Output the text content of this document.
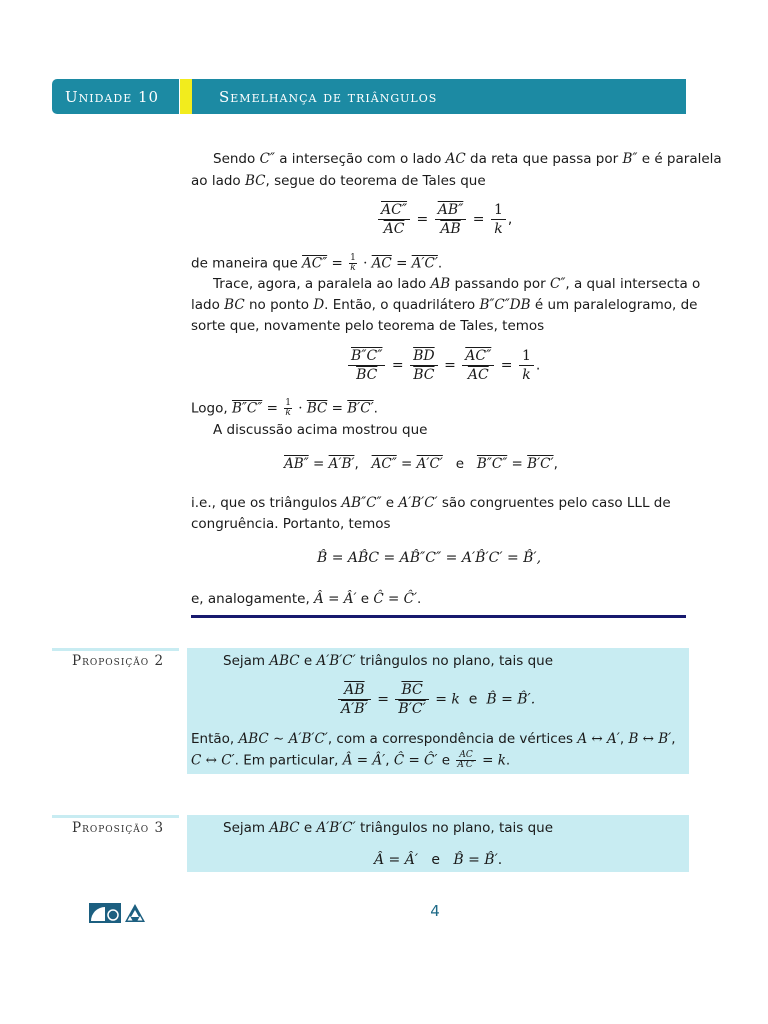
Unidade 10	Semelhança de triângulos
Sendo C″ a interseção com o lado AC da reta que passa por B″ e é paralela
ao lado BC, segue do teorema de Tales que
$\frac{AC''}{AC} = \frac{AB''}{AB} = \frac{1}{k}$ ,
de maneira que $AC'' = \frac{1}{k} \cdot \overline{AC} = A'C'$.
Trace, agora, a paralela ao lado AB passando por C″, a qual intersecta o
lado BC no ponto D. Então, o quadrilátero B″C″DB é um paralelogramo, de
sorte que, novamente pelo teorema de Tales, temos
$\frac{B''C''}{BC} = \frac{\overline{BD}}{BC} = \frac{AC''}{AC} = \frac{1}{k}$ .
Logo, $B''C'' = \frac{1}{k} \cdot \overline{BC} = B'C'$.
A discussão acima mostrou que
AB″ = A′B′,   AC″ = A′C′   e   B″C″ = B′C′,
i.e., que os triângulos AB″C″ e A′B′C′ são congruentes pelo caso LLL de
congruência. Portanto, temos
B̂ = AB̂C = AB̂″C″ = A′B̂′C′ = B̂′,
e, analogamente, Â = Â′ e Ĉ = Ĉ′.
Proposição 2	Sejam ABC e A′B′C′ triângulos no plano, tais que
$\frac{\overline{AB}}{A'B'} = \frac{\overline{BC}}{B'C'} = k$ e B̂ = B̂′.
Então, ABC ∼ A′B′C′, com a correspondência de vértices A ↔ A′, B ↔ B′,
C ↔ C′. Em particular, Â = Â′, Ĉ = Ĉ′ e $\frac{AC}{A'C'} = k$.
Proposição 3	Sejam ABC e A′B′C′ triângulos no plano, tais que
Â = Â′   e   B̂ = B̂′.
4
